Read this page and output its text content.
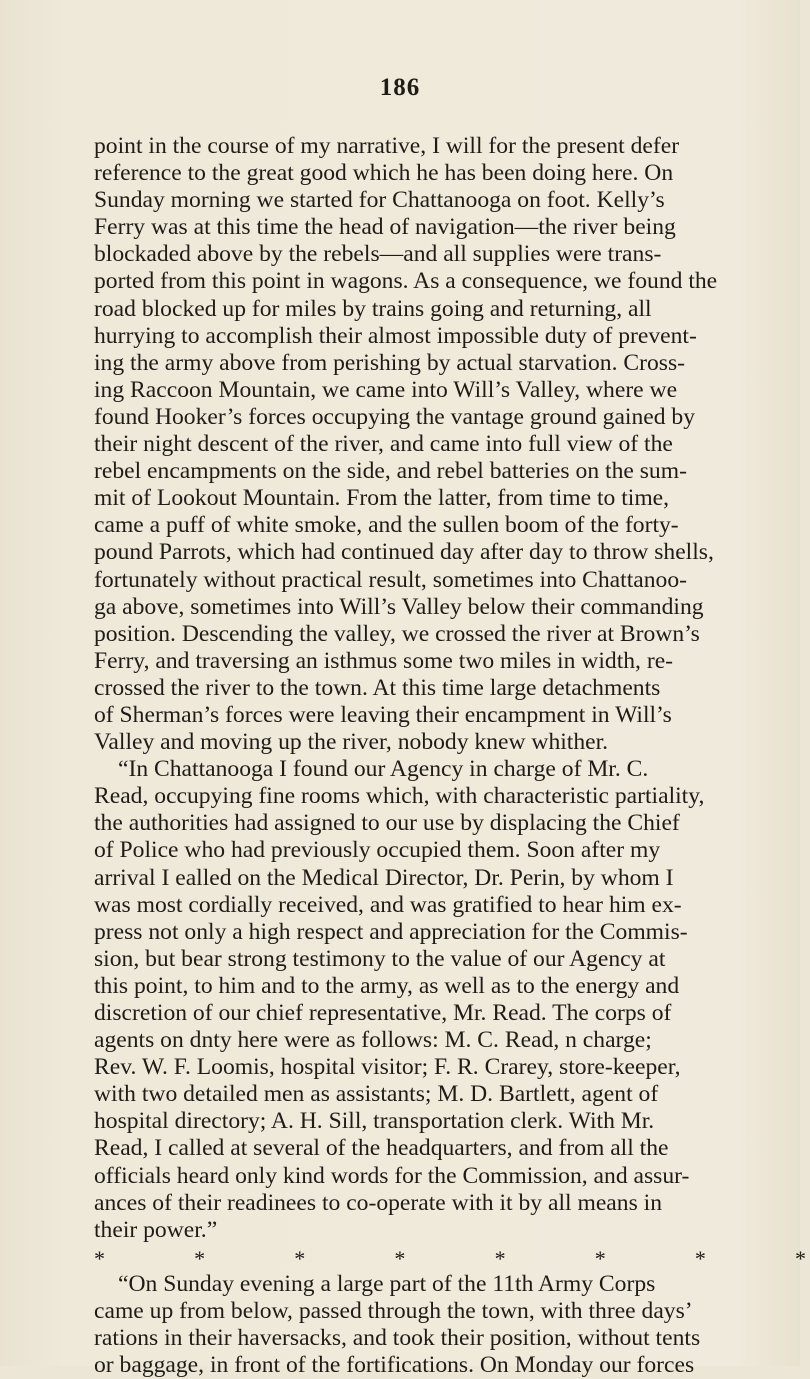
186
point in the course of my narrative, I will for the present defer
reference to the great good which he has been doing here. On
Sunday morning we started for Chattanooga on foot. Kelly’s
Ferry was at this time the head of navigation—the river being
blockaded above by the rebels—and all supplies were trans-
ported from this point in wagons. As a consequence, we found the
road blocked up for miles by trains going and returning, all
hurrying to accomplish their almost impossible duty of prevent-
ing the army above from perishing by actual starvation. Cross-
ing Raccoon Mountain, we came into Will’s Valley, where we
found Hooker’s forces occupying the vantage ground gained by
their night descent of the river, and came into full view of the
rebel encampments on the side, and rebel batteries on the sum-
mit of Lookout Mountain. From the latter, from time to time,
came a puff of white smoke, and the sullen boom of the forty-
pound Parrots, which had continued day after day to throw shells,
fortunately without practical result, sometimes into Chattanoo-
ga above, sometimes into Will’s Valley below their commanding
position. Descending the valley, we crossed the river at Brown’s
Ferry, and traversing an isthmus some two miles in width, re-
crossed the river to the town. At this time large detachments
of Sherman’s forces were leaving their encampment in Will’s
Valley and moving up the river, nobody knew whither.
“In Chattanooga I found our Agency in charge of Mr. C.
Read, occupying fine rooms which, with characteristic partiality,
the authorities had assigned to our use by displacing the Chief
of Police who had previously occupied them. Soon after my
arrival I ealled on the Medical Director, Dr. Perin, by whom I
was most cordially received, and was gratified to hear him ex-
press not only a high respect and appreciation for the Commis-
sion, but bear strong testimony to the value of our Agency at
this point, to him and to the army, as well as to the energy and
discretion of our chief representative, Mr. Read. The corps of
agents on dnty here were as follows: M. C. Read, n charge;
Rev. W. F. Loomis, hospital visitor; F. R. Crarey, store-keeper,
with two detailed men as assistants; M. D. Bartlett, agent of
hospital directory; A. H. Sill, transportation clerk. With Mr.
Read, I called at several of the headquarters, and from all the
officials heard only kind words for the Commission, and assur-
ances of their readinees to co-operate with it by all means in
their power.”
*	*	*	*	*	*	*	*
“On Sunday evening a large part of the 11th Army Corps
came up from below, passed through the town, with three days’
rations in their haversacks, and took their position, without tents
or baggage, in front of the fortifications. On Monday our forces
